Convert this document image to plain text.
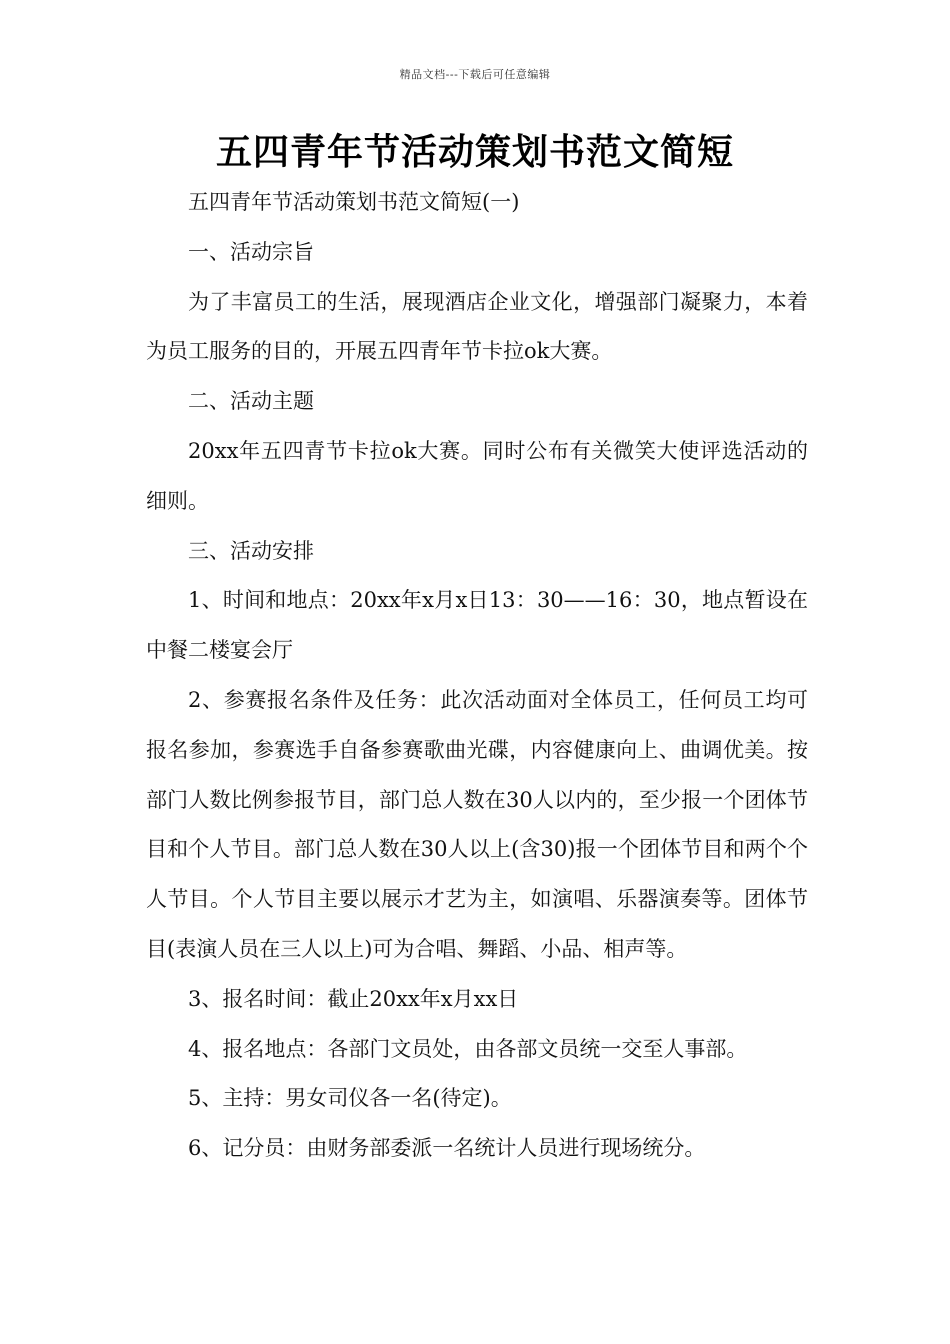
精品文档---下载后可任意编辑
五四青年节活动策划书范文简短

五四青年节活动策划书范文简短(一)

一、活动宗旨

为了丰富员工的生活，展现酒店企业文化，增强部门凝聚力，本着为员工服务的目的，开展五四青年节卡拉ok大赛。

二、活动主题

20xx年五四青节卡拉ok大赛。同时公布有关微笑大使评选活动的细则。

三、活动安排

1、时间和地点：20xx年x月x日13：30——16：30，地点暂设在中餐二楼宴会厅

2、参赛报名条件及任务：此次活动面对全体员工，任何员工均可报名参加，参赛选手自备参赛歌曲光碟，内容健康向上、曲调优美。按部门人数比例参报节目，部门总人数在30人以内的，至少报一个团体节目和个人节目。部门总人数在30人以上(含30)报一个团体节目和两个个人节目。个人节目主要以展示才艺为主，如演唱、乐器演奏等。团体节目(表演人员在三人以上)可为合唱、舞蹈、小品、相声等。

3、报名时间：截止20xx年x月xx日

4、报名地点：各部门文员处，由各部文员统一交至人事部。

5、主持：男女司仪各一名(待定)。

6、记分员：由财务部委派一名统计人员进行现场统分。
